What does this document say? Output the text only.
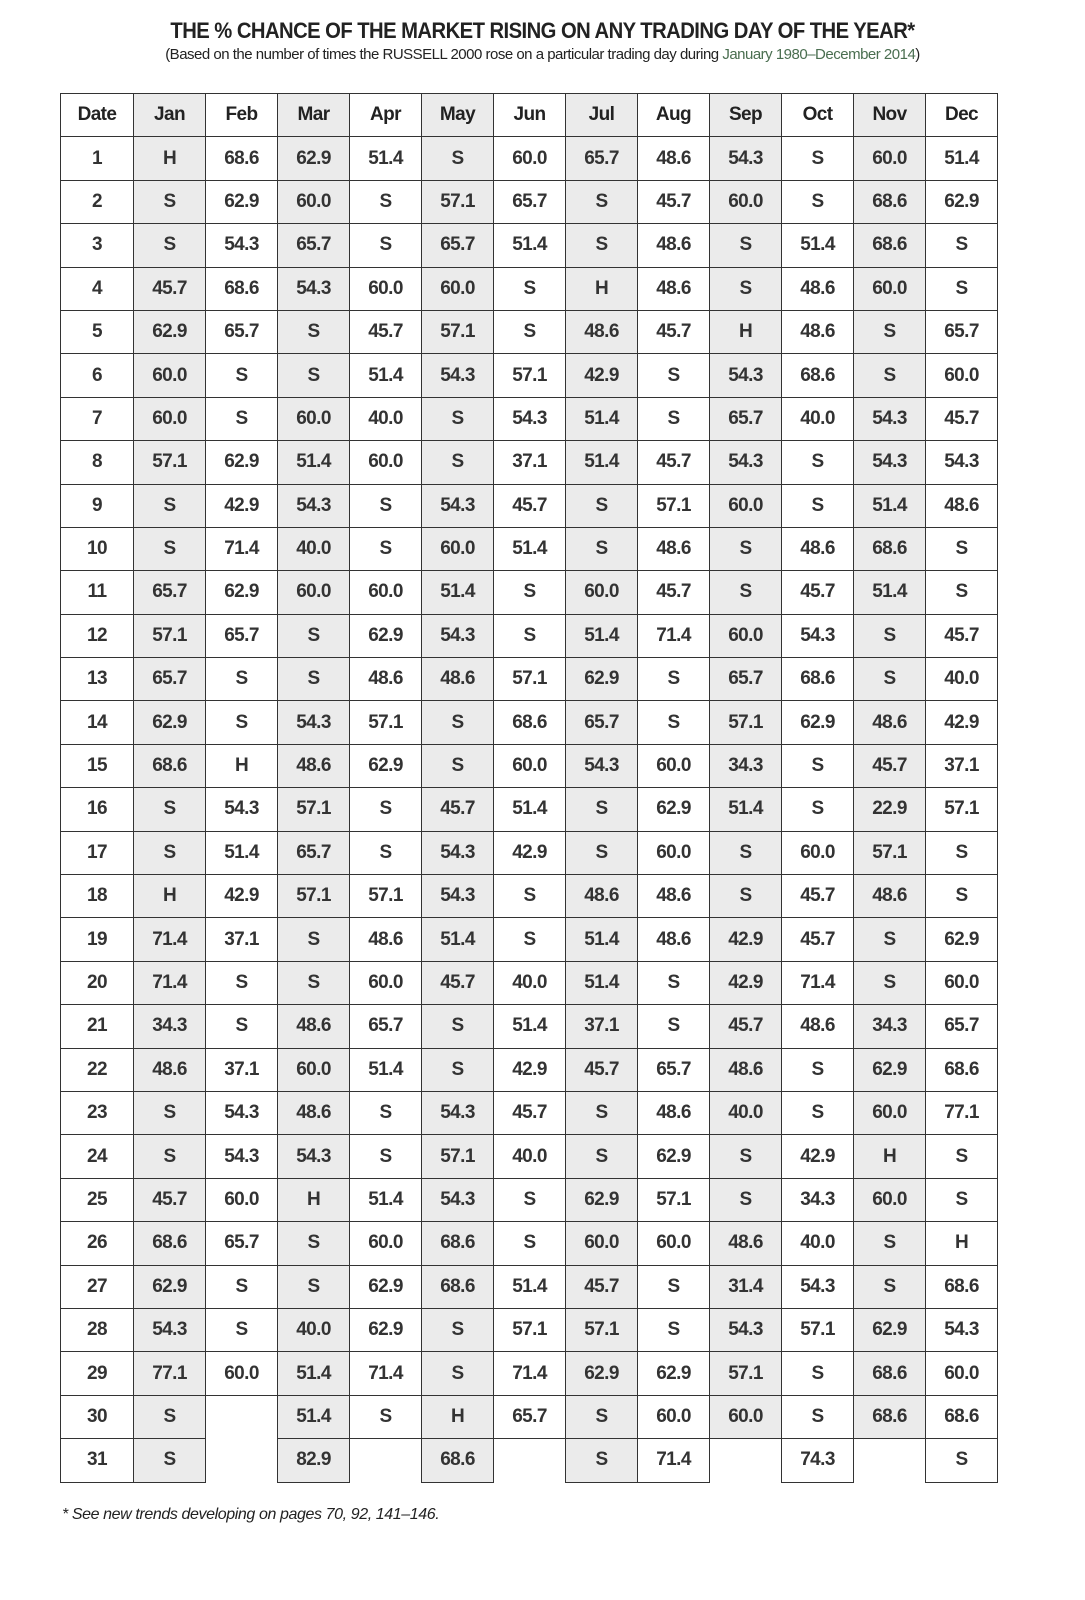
THE % CHANCE OF THE MARKET RISING ON ANY TRADING DAY OF THE YEAR*
(Based on the number of times the RUSSELL 2000 rose on a particular trading day during January 1980–December 2014)
Date	Jan	Feb	Mar	Apr	May	Jun	Jul	Aug	Sep	Oct	Nov	Dec
1	H	68.6	62.9	51.4	S	60.0	65.7	48.6	54.3	S	60.0	51.4
2	S	62.9	60.0	S	57.1	65.7	S	45.7	60.0	S	68.6	62.9
3	S	54.3	65.7	S	65.7	51.4	S	48.6	S	51.4	68.6	S
4	45.7	68.6	54.3	60.0	60.0	S	H	48.6	S	48.6	60.0	S
5	62.9	65.7	S	45.7	57.1	S	48.6	45.7	H	48.6	S	65.7
6	60.0	S	S	51.4	54.3	57.1	42.9	S	54.3	68.6	S	60.0
7	60.0	S	60.0	40.0	S	54.3	51.4	S	65.7	40.0	54.3	45.7
8	57.1	62.9	51.4	60.0	S	37.1	51.4	45.7	54.3	S	54.3	54.3
9	S	42.9	54.3	S	54.3	45.7	S	57.1	60.0	S	51.4	48.6
10	S	71.4	40.0	S	60.0	51.4	S	48.6	S	48.6	68.6	S
11	65.7	62.9	60.0	60.0	51.4	S	60.0	45.7	S	45.7	51.4	S
12	57.1	65.7	S	62.9	54.3	S	51.4	71.4	60.0	54.3	S	45.7
13	65.7	S	S	48.6	48.6	57.1	62.9	S	65.7	68.6	S	40.0
14	62.9	S	54.3	57.1	S	68.6	65.7	S	57.1	62.9	48.6	42.9
15	68.6	H	48.6	62.9	S	60.0	54.3	60.0	34.3	S	45.7	37.1
16	S	54.3	57.1	S	45.7	51.4	S	62.9	51.4	S	22.9	57.1
17	S	51.4	65.7	S	54.3	42.9	S	60.0	S	60.0	57.1	S
18	H	42.9	57.1	57.1	54.3	S	48.6	48.6	S	45.7	48.6	S
19	71.4	37.1	S	48.6	51.4	S	51.4	48.6	42.9	45.7	S	62.9
20	71.4	S	S	60.0	45.7	40.0	51.4	S	42.9	71.4	S	60.0
21	34.3	S	48.6	65.7	S	51.4	37.1	S	45.7	48.6	34.3	65.7
22	48.6	37.1	60.0	51.4	S	42.9	45.7	65.7	48.6	S	62.9	68.6
23	S	54.3	48.6	S	54.3	45.7	S	48.6	40.0	S	60.0	77.1
24	S	54.3	54.3	S	57.1	40.0	S	62.9	S	42.9	H	S
25	45.7	60.0	H	51.4	54.3	S	62.9	57.1	S	34.3	60.0	S
26	68.6	65.7	S	60.0	68.6	S	60.0	60.0	48.6	40.0	S	H
27	62.9	S	S	62.9	68.6	51.4	45.7	S	31.4	54.3	S	68.6
28	54.3	S	40.0	62.9	S	57.1	57.1	S	54.3	57.1	62.9	54.3
29	77.1	60.0	51.4	71.4	S	71.4	62.9	62.9	57.1	S	68.6	60.0
30	S		51.4	S	H	65.7	S	60.0	60.0	S	68.6	68.6
31	S		82.9		68.6		S	71.4		74.3		S
* See new trends developing on pages 70, 92, 141–146.
